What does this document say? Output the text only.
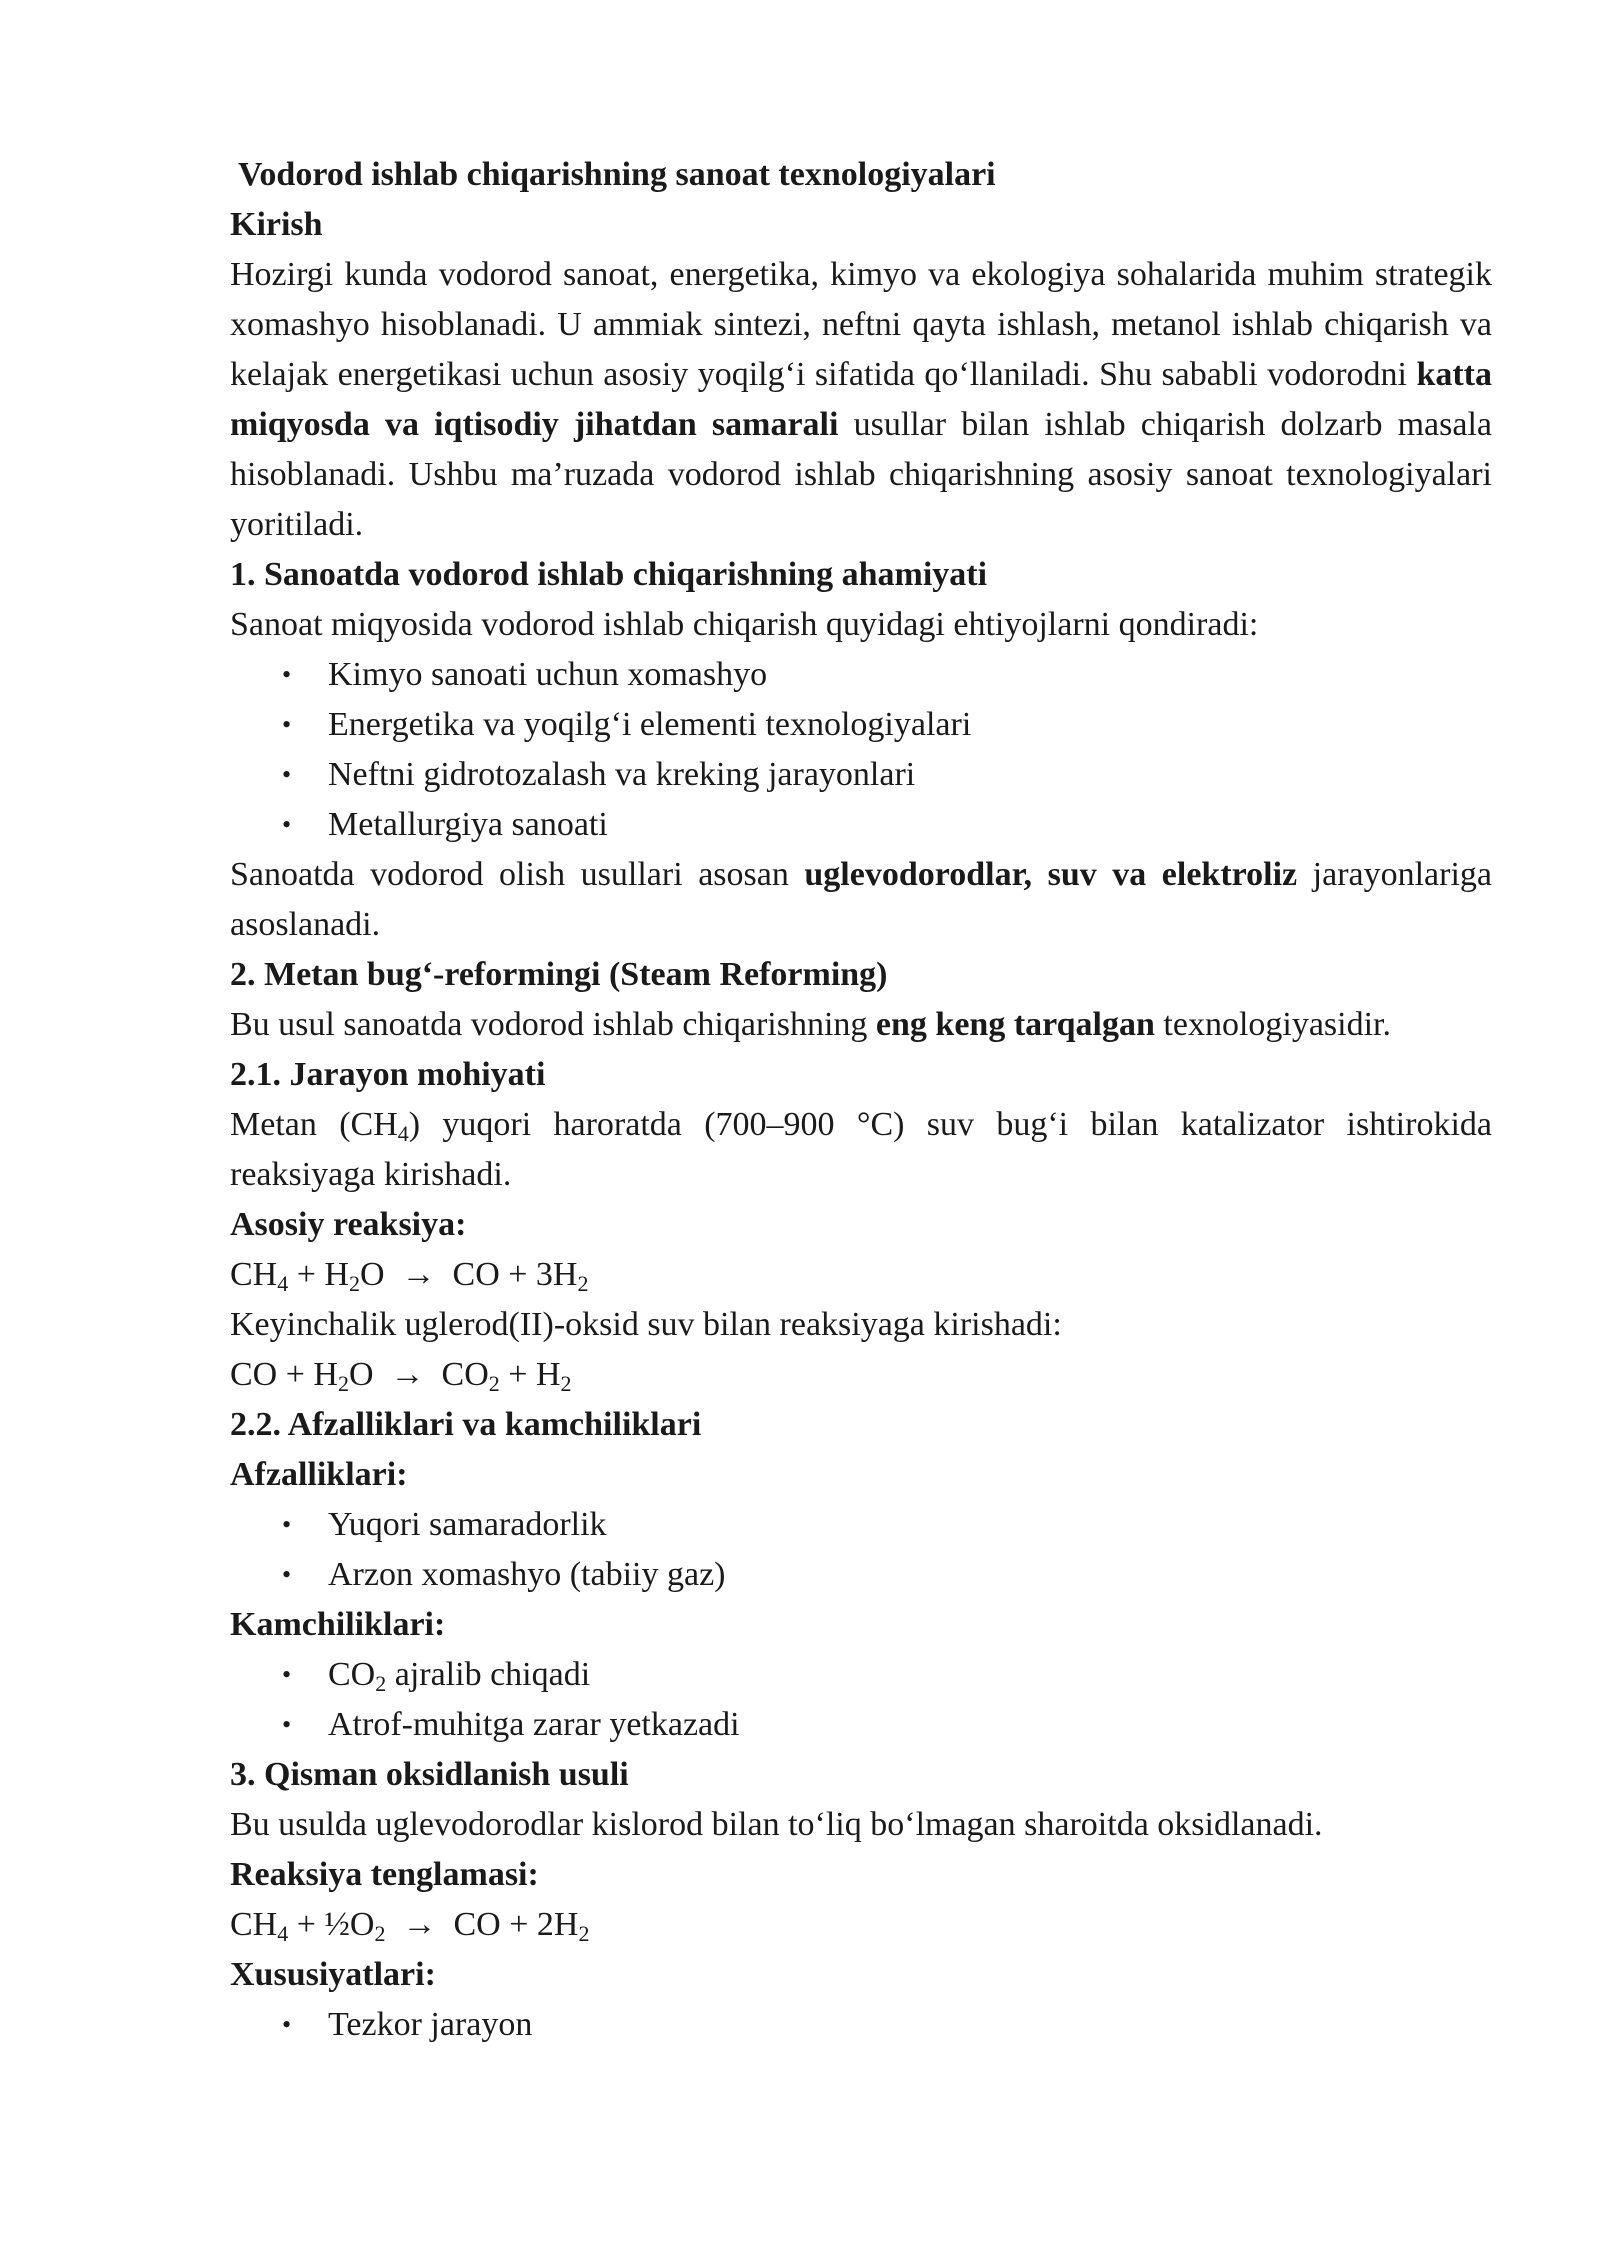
Vodorod ishlab chiqarishning sanoat texnologiyalari

Kirish

Hozirgi kunda vodorod sanoat, energetika, kimyo va ekologiya sohalarida muhim strategik xomashyo hisoblanadi. U ammiak sintezi, neftni qayta ishlash, metanol ishlab chiqarish va kelajak energetikasi uchun asosiy yoqilg‘i sifatida qo‘llaniladi. Shu sababli vodorodni katta miqyosda va iqtisodiy jihatdan samarali usullar bilan ishlab chiqarish dolzarb masala hisoblanadi. Ushbu ma’ruzada vodorod ishlab chiqarishning asosiy sanoat texnologiyalari yoritiladi.

1. Sanoatda vodorod ishlab chiqarishning ahamiyati

Sanoat miqyosida vodorod ishlab chiqarish quyidagi ehtiyojlarni qondiradi:

• Kimyo sanoati uchun xomashyo
• Energetika va yoqilg‘i elementi texnologiyalari
• Neftni gidrotozalash va kreking jarayonlari
• Metallurgiya sanoati

Sanoatda vodorod olish usullari asosan uglevodorodlar, suv va elektroliz jarayonlariga asoslanadi.

2. Metan bug‘-reformingi (Steam Reforming)

Bu usul sanoatda vodorod ishlab chiqarishning eng keng tarqalgan texnologiyasidir.

2.1. Jarayon mohiyati

Metan $(CH_4)$ yuqori haroratda (700–900 °C) suv bug‘i bilan katalizator ishtirokida reaksiyaga kirishadi.

Asosiy reaksiya:

$CH_4 + H_2O$  →  CO + $3H_2$

Keyinchalik uglerod(II)-oksid suv bilan reaksiyaga kirishadi:

CO + $H_2O \to CO_2 + H_2$

2.2. Afzalliklari va kamchiliklari

Afzalliklari:

• Yuqori samaradorlik
• Arzon xomashyo (tabiiy gaz)

Kamchiliklari:

• $CO_2$ ajralib chiqadi
• Atrof-muhitga zarar yetkazadi

3. Qisman oksidlanish usuli

Bu usulda uglevodorodlar kislorod bilan to‘liq bo‘lmagan sharoitda oksidlanadi.

Reaksiya tenglamasi:

$CH_4$ + $\frac{1}{2}O_2$  →  CO + $2H_2$

Xususiyatlari:

• Tezkor jarayon
